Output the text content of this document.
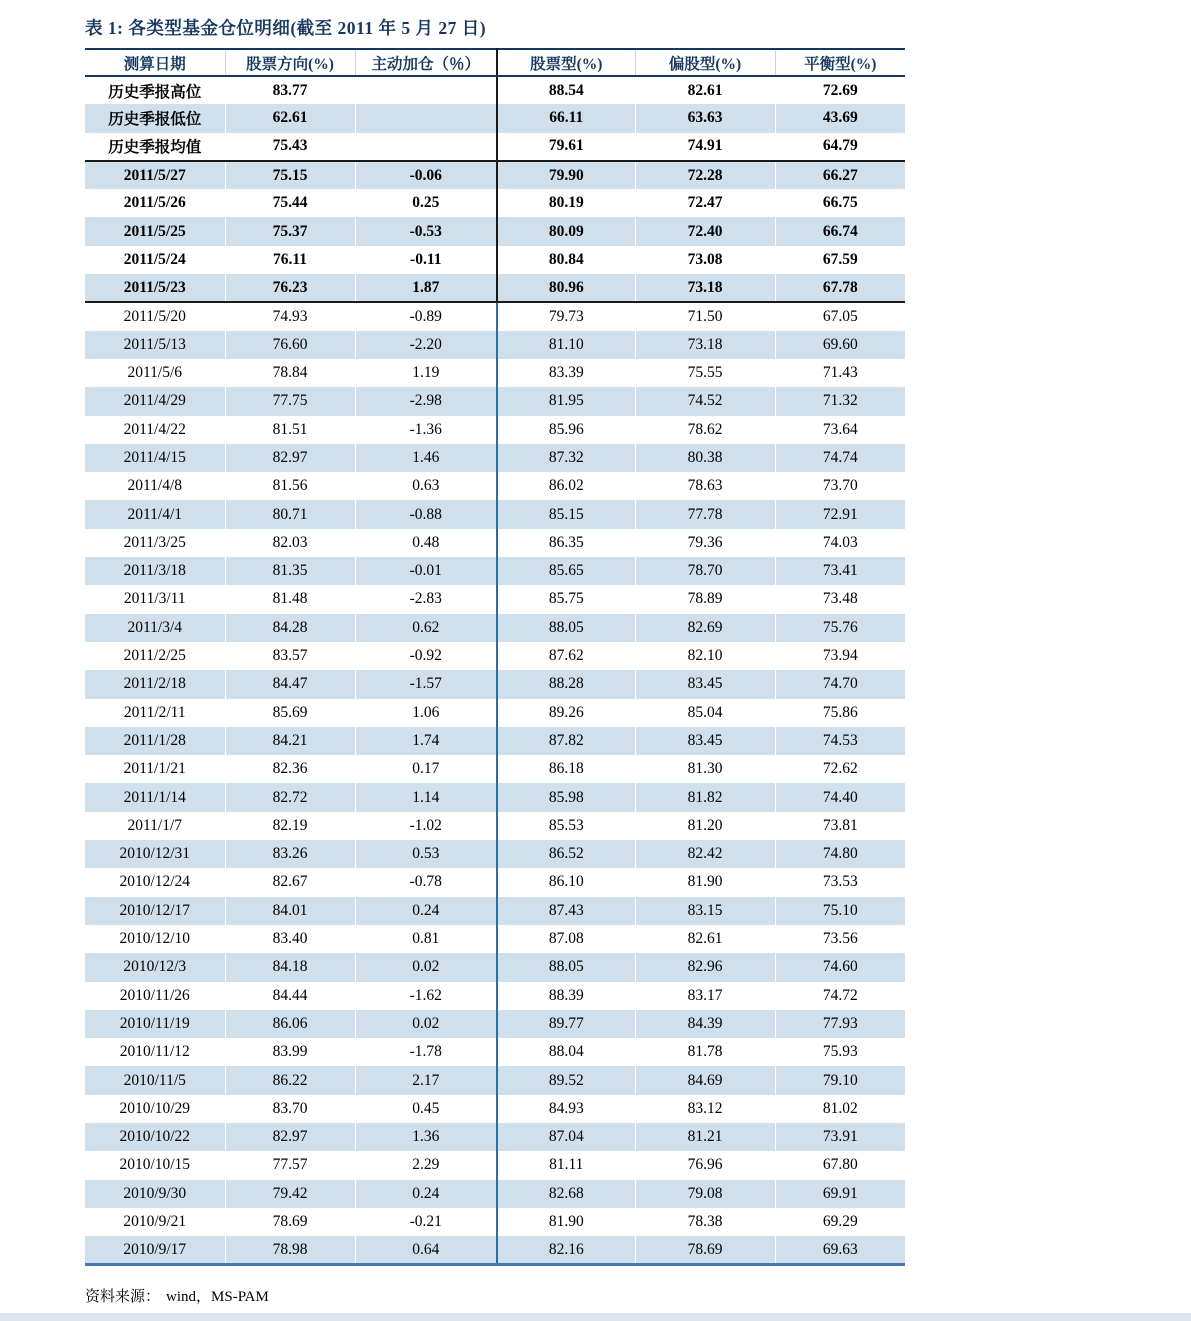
表 1: 各类型基金仓位明细(截至 2011 年 5 月 27 日)
测算日期	股票方向(%)	主动加仓（％）	股票型(%)	偏股型(%)	平衡型(%)
历史季报高位	83.77		88.54	82.61	72.69
历史季报低位	62.61		66.11	63.63	43.69
历史季报均值	75.43		79.61	74.91	64.79
2011/5/27	75.15	-0.06	79.90	72.28	66.27
2011/5/26	75.44	0.25	80.19	72.47	66.75
2011/5/25	75.37	-0.53	80.09	72.40	66.74
2011/5/24	76.11	-0.11	80.84	73.08	67.59
2011/5/23	76.23	1.87	80.96	73.18	67.78
2011/5/20	74.93	-0.89	79.73	71.50	67.05
2011/5/13	76.60	-2.20	81.10	73.18	69.60
2011/5/6	78.84	1.19	83.39	75.55	71.43
2011/4/29	77.75	-2.98	81.95	74.52	71.32
2011/4/22	81.51	-1.36	85.96	78.62	73.64
2011/4/15	82.97	1.46	87.32	80.38	74.74
2011/4/8	81.56	0.63	86.02	78.63	73.70
2011/4/1	80.71	-0.88	85.15	77.78	72.91
2011/3/25	82.03	0.48	86.35	79.36	74.03
2011/3/18	81.35	-0.01	85.65	78.70	73.41
2011/3/11	81.48	-2.83	85.75	78.89	73.48
2011/3/4	84.28	0.62	88.05	82.69	75.76
2011/2/25	83.57	-0.92	87.62	82.10	73.94
2011/2/18	84.47	-1.57	88.28	83.45	74.70
2011/2/11	85.69	1.06	89.26	85.04	75.86
2011/1/28	84.21	1.74	87.82	83.45	74.53
2011/1/21	82.36	0.17	86.18	81.30	72.62
2011/1/14	82.72	1.14	85.98	81.82	74.40
2011/1/7	82.19	-1.02	85.53	81.20	73.81
2010/12/31	83.26	0.53	86.52	82.42	74.80
2010/12/24	82.67	-0.78	86.10	81.90	73.53
2010/12/17	84.01	0.24	87.43	83.15	75.10
2010/12/10	83.40	0.81	87.08	82.61	73.56
2010/12/3	84.18	0.02	88.05	82.96	74.60
2010/11/26	84.44	-1.62	88.39	83.17	74.72
2010/11/19	86.06	0.02	89.77	84.39	77.93
2010/11/12	83.99	-1.78	88.04	81.78	75.93
2010/11/5	86.22	2.17	89.52	84.69	79.10
2010/10/29	83.70	0.45	84.93	83.12	81.02
2010/10/22	82.97	1.36	87.04	81.21	73.91
2010/10/15	77.57	2.29	81.11	76.96	67.80
2010/9/30	79.42	0.24	82.68	79.08	69.91
2010/9/21	78.69	-0.21	81.90	78.38	69.29
2010/9/17	78.98	0.64	82.16	78.69	69.63
资料来源： wind，MS-PAM
